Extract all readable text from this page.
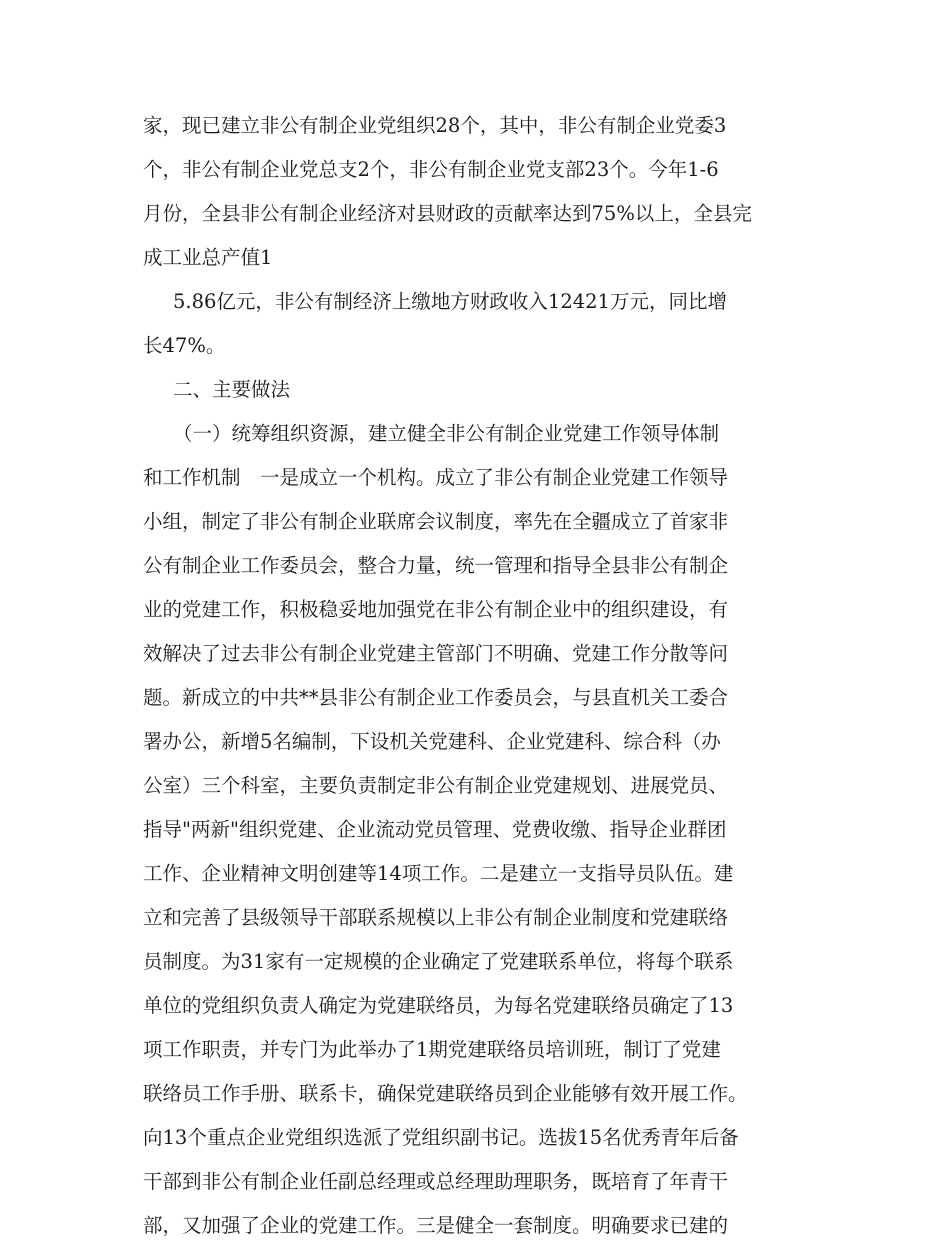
家，现已建立非公有制企业党组织28个，其中，非公有制企业党委3
个，非公有制企业党总支2个，非公有制企业党支部23个。今年1-6
月份，全县非公有制企业经济对县财政的贡献率达到75%以上，全县完
成工业总产值1
5.86亿元，非公有制经济上缴地方财政收入12421万元，同比增
长47%。
二、主要做法
（一）统筹组织资源，建立健全非公有制企业党建工作领导体制
和工作机制　一是成立一个机构。成立了非公有制企业党建工作领导
小组，制定了非公有制企业联席会议制度，率先在全疆成立了首家非
公有制企业工作委员会，整合力量，统一管理和指导全县非公有制企
业的党建工作，积极稳妥地加强党在非公有制企业中的组织建设，有
效解决了过去非公有制企业党建主管部门不明确、党建工作分散等问
题。新成立的中共**县非公有制企业工作委员会，与县直机关工委合
署办公，新增5名编制，下设机关党建科、企业党建科、综合科（办
公室）三个科室，主要负责制定非公有制企业党建规划、进展党员、
指导"两新"组织党建、企业流动党员管理、党费收缴、指导企业群团
工作、企业精神文明创建等14项工作。二是建立一支指导员队伍。建
立和完善了县级领导干部联系规模以上非公有制企业制度和党建联络
员制度。为31家有一定规模的企业确定了党建联系单位，将每个联系
单位的党组织负责人确定为党建联络员，为每名党建联络员确定了13
项工作职责，并专门为此举办了1期党建联络员培训班，制订了党建
联络员工作手册、联系卡，确保党建联络员到企业能够有效开展工作。
向13个重点企业党组织选派了党组织副书记。选拔15名优秀青年后备
干部到非公有制企业任副总经理或总经理助理职务，既培育了年青干
部，又加强了企业的党建工作。三是健全一套制度。明确要求已建的
